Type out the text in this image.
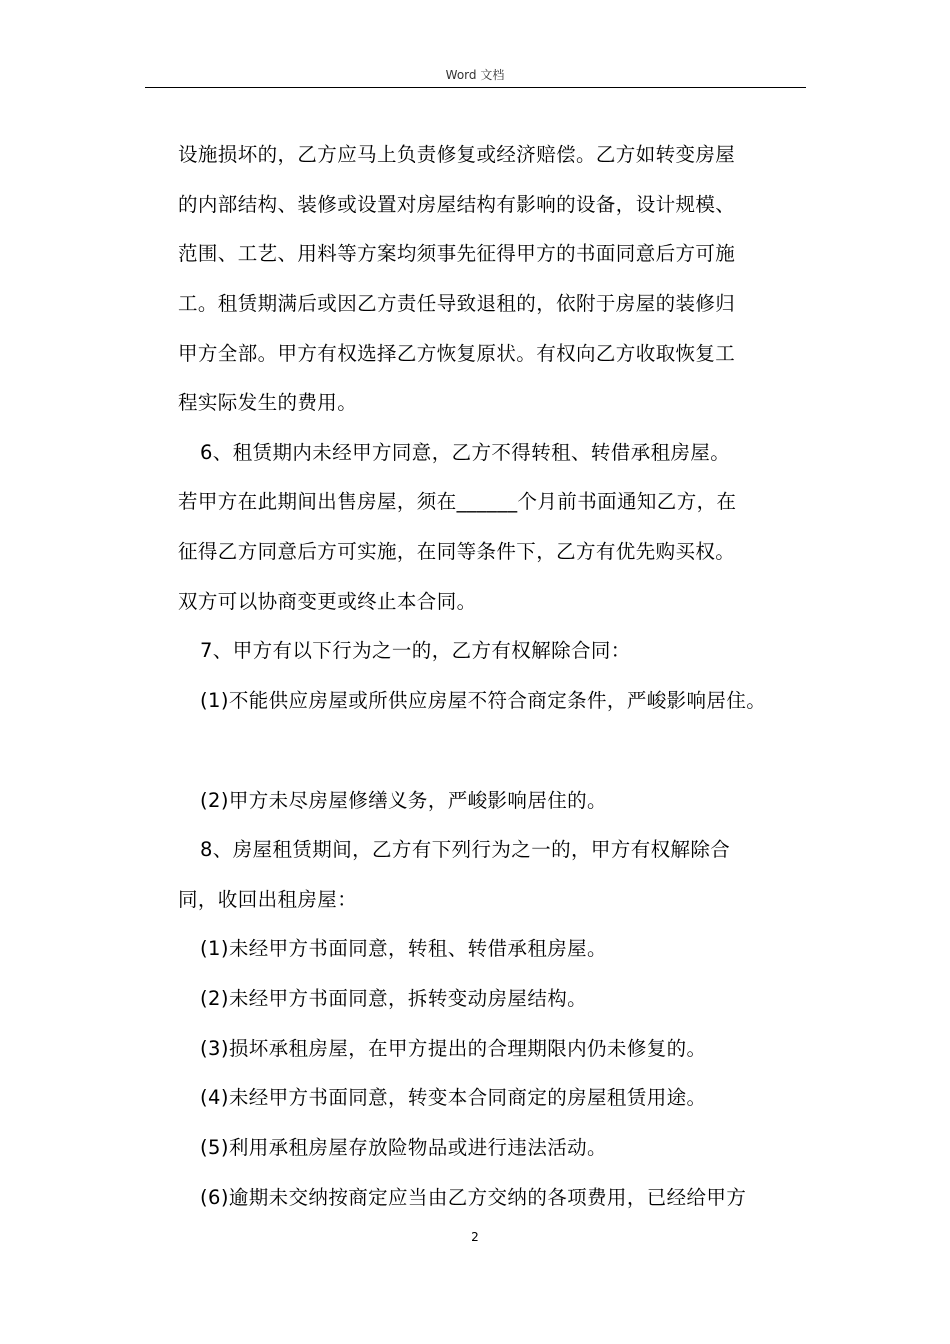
Word 文档
设施损坏的，乙方应马上负责修复或经济赔偿。乙方如转变房屋
的内部结构、装修或设置对房屋结构有影响的设备，设计规模、
范围、工艺、用料等方案均须事先征得甲方的书面同意后方可施
工。租赁期满后或因乙方责任导致退租的，依附于房屋的装修归
甲方全部。甲方有权选择乙方恢复原状。有权向乙方收取恢复工
程实际发生的费用。
6、租赁期内未经甲方同意，乙方不得转租、转借承租房屋。
若甲方在此期间出售房屋，须在______个月前书面通知乙方，在
征得乙方同意后方可实施，在同等条件下，乙方有优先购买权。
双方可以协商变更或终止本合同。
7、甲方有以下行为之一的，乙方有权解除合同：
(1)不能供应房屋或所供应房屋不符合商定条件，严峻影响居住。
(2)甲方未尽房屋修缮义务，严峻影响居住的。
8、房屋租赁期间，乙方有下列行为之一的，甲方有权解除合
同，收回出租房屋：
(1)未经甲方书面同意，转租、转借承租房屋。
(2)未经甲方书面同意，拆转变动房屋结构。
(3)损坏承租房屋，在甲方提出的合理期限内仍未修复的。
(4)未经甲方书面同意，转变本合同商定的房屋租赁用途。
(5)利用承租房屋存放险物品或进行违法活动。
(6)逾期未交纳按商定应当由乙方交纳的各项费用，已经给甲方
2
